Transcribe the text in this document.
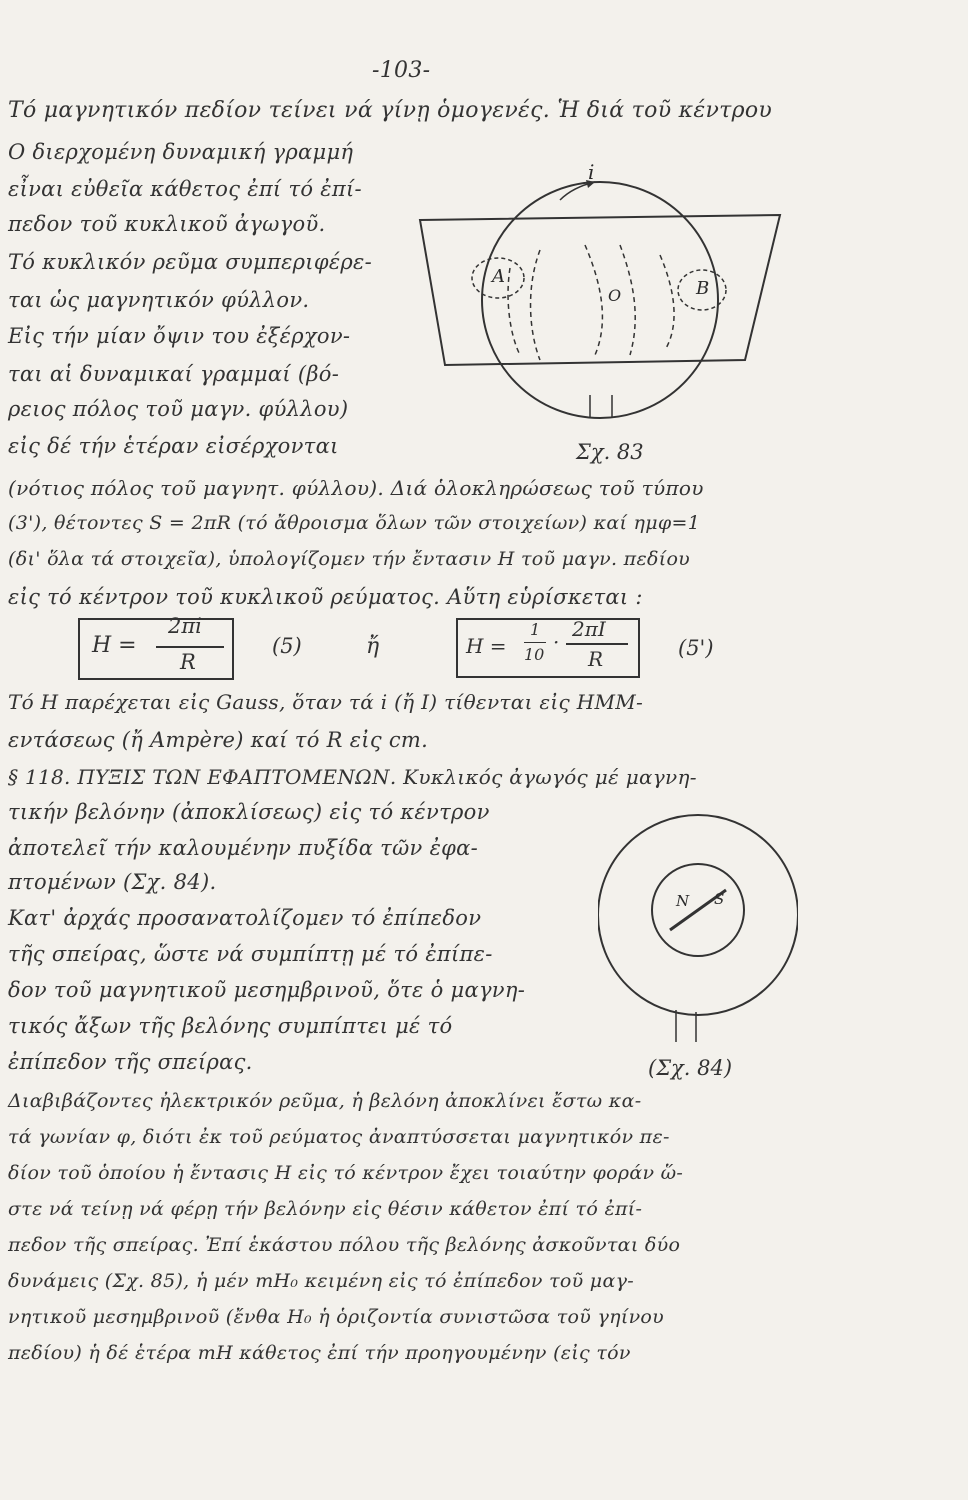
-103-
Τό μαγνητικόν πεδίον τείνει νά γίνῃ ὁμογενές. Ἡ διά τοῦ κέντρου
Ο διερχομένη δυναμική γραμμή
εἶναι εὐθεῖα κάθετος ἐπί τό ἐπί-
πεδον τοῦ κυκλικοῦ ἀγωγοῦ.
Τό κυκλικόν ρεῦμα συμπεριφέρε-
ται ὡς μαγνητικόν φύλλον.
Εἰς τήν μίαν ὄψιν του ἐξέρχον-
ται αἱ δυναμικαί γραμμαί (βό-
ρειος πόλος τοῦ μαγν. φύλλου)
εἰς δέ τήν ἑτέραν εἰσέρχονται
(νότιος πόλος τοῦ μαγνητ. φύλλου). Διά ὁλοκληρώσεως τοῦ τύπου
(3'), θέτοντες S = 2πR (τό ἄθροισμα ὅλων τῶν στοιχείων) καί ημφ=1
(δι' ὅλα τά στοιχεῖα), ὑπολογίζομεν τήν ἔντασιν H τοῦ μαγν. πεδίου
εἰς τό κέντρον τοῦ κυκλικοῦ ρεύματος. Αὕτη εὑρίσκεται :
H =
2πi
R
(5)	ἤ	H =
1
10
·
2πI
R	(5')
Τό H παρέχεται εἰς Gauss, ὅταν τά i (ἤ I) τίθενται εἰς HMM-
εντάσεως (ἤ Ampère) καί τό R εἰς cm.
§ 118. ΠΥΞΙΣ ΤΩΝ ΕΦΑΠΤΟΜΕΝΩΝ. Κυκλικός ἀγωγός μέ μαγνη-
τικήν βελόνην (ἀποκλίσεως) εἰς τό κέντρον
ἀποτελεῖ τήν καλουμένην πυξίδα τῶν ἐφα-
πτομένων (Σχ. 84).
Κατ' ἀρχάς προσανατολίζομεν τό ἐπίπεδον
τῆς σπείρας, ὥστε νά συμπίπτῃ μέ τό ἐπίπε-
δον τοῦ μαγνητικοῦ μεσημβρινοῦ, ὅτε ὁ μαγνη-
τικός ἄξων τῆς βελόνης συμπίπτει μέ τό
ἐπίπεδον τῆς σπείρας.
Διαβιβάζοντες ἠλεκτρικόν ρεῦμα, ἡ βελόνη ἀποκλίνει ἔστω κα-
τά γωνίαν φ, διότι ἐκ τοῦ ρεύματος ἀναπτύσσεται μαγνητικόν πε-
δίον τοῦ ὁποίου ἡ ἔντασις H εἰς τό κέντρον ἔχει τοιαύτην φοράν ὥ-
στε νά τείνῃ νά φέρῃ τήν βελόνην εἰς θέσιν κάθετον ἐπί τό ἐπί-
πεδον τῆς σπείρας. Ἐπί ἑκάστου πόλου τῆς βελόνης ἀσκοῦνται δύο
δυνάμεις (Σχ. 85), ἡ μέν mH₀ κειμένη εἰς τό ἐπίπεδον τοῦ μαγ-
νητικοῦ μεσημβρινοῦ (ἔνθα H₀ ἡ ὁριζοντία συνιστῶσα τοῦ γηίνου
πεδίου) ἡ δέ ἑτέρα mH κάθετος ἐπί τήν προηγουμένην (εἰς τόν
i
A
B
O
Σχ. 83
N S
(Σχ. 84)
